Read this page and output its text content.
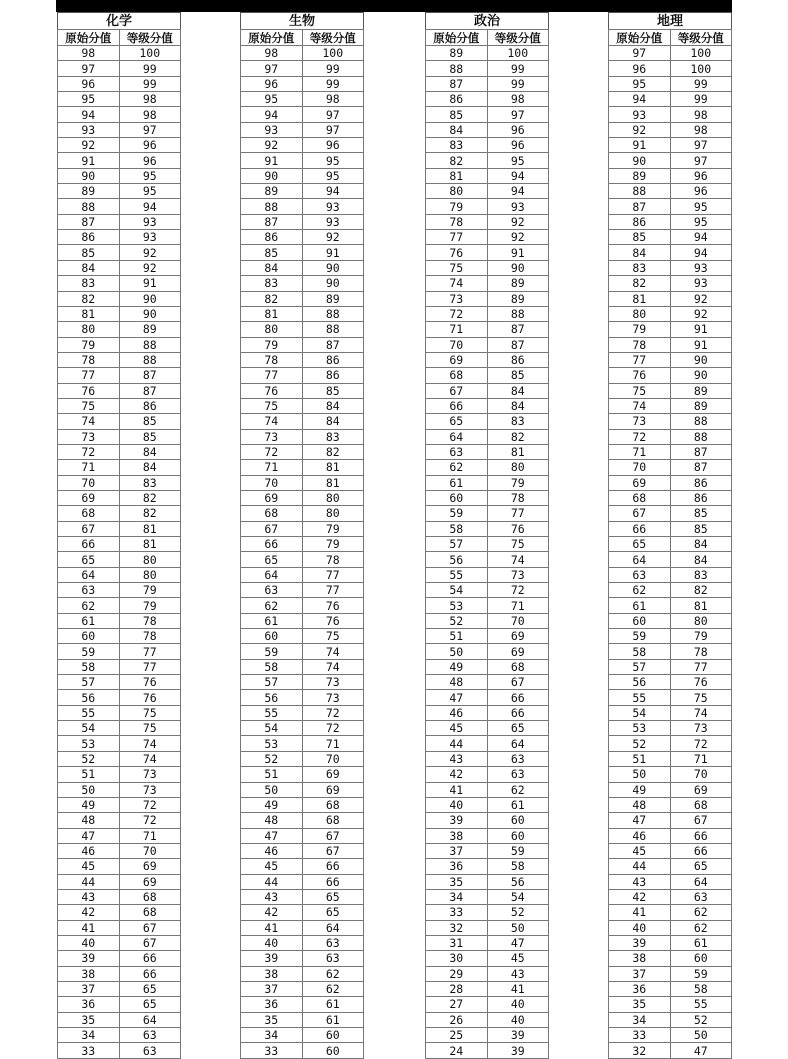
化学
原始分值	等级分值
98	100
97	99
96	99
95	98
94	98
93	97
92	96
91	96
90	95
89	95
88	94
87	93
86	93
85	92
84	92
83	91
82	90
81	90
80	89
79	88
78	88
77	87
76	87
75	86
74	85
73	85
72	84
71	84
70	83
69	82
68	82
67	81
66	81
65	80
64	80
63	79
62	79
61	78
60	78
59	77
58	77
57	76
56	76
55	75
54	75
53	74
52	74
51	73
50	73
49	72
48	72
47	71
46	70
45	69
44	69
43	68
42	68
41	67
40	67
39	66
38	66
37	65
36	65
35	64
34	63
33	63
生物
原始分值	等级分值
98	100
97	99
96	99
95	98
94	97
93	97
92	96
91	95
90	95
89	94
88	93
87	93
86	92
85	91
84	90
83	90
82	89
81	88
80	88
79	87
78	86
77	86
76	85
75	84
74	84
73	83
72	82
71	81
70	81
69	80
68	80
67	79
66	79
65	78
64	77
63	77
62	76
61	76
60	75
59	74
58	74
57	73
56	73
55	72
54	72
53	71
52	70
51	69
50	69
49	68
48	68
47	67
46	67
45	66
44	66
43	65
42	65
41	64
40	63
39	63
38	62
37	62
36	61
35	61
34	60
33	60
政治
原始分值	等级分值
89	100
88	99
87	99
86	98
85	97
84	96
83	96
82	95
81	94
80	94
79	93
78	92
77	92
76	91
75	90
74	89
73	89
72	88
71	87
70	87
69	86
68	85
67	84
66	84
65	83
64	82
63	81
62	80
61	79
60	78
59	77
58	76
57	75
56	74
55	73
54	72
53	71
52	70
51	69
50	69
49	68
48	67
47	66
46	66
45	65
44	64
43	63
42	63
41	62
40	61
39	60
38	60
37	59
36	58
35	56
34	54
33	52
32	50
31	47
30	45
29	43
28	41
27	40
26	40
25	39
24	39
地理
原始分值	等级分值
97	100
96	100
95	99
94	99
93	98
92	98
91	97
90	97
89	96
88	96
87	95
86	95
85	94
84	94
83	93
82	93
81	92
80	92
79	91
78	91
77	90
76	90
75	89
74	89
73	88
72	88
71	87
70	87
69	86
68	86
67	85
66	85
65	84
64	84
63	83
62	82
61	81
60	80
59	79
58	78
57	77
56	76
55	75
54	74
53	73
52	72
51	71
50	70
49	69
48	68
47	67
46	66
45	66
44	65
43	64
42	63
41	62
40	62
39	61
38	60
37	59
36	58
35	55
34	52
33	50
32	47
